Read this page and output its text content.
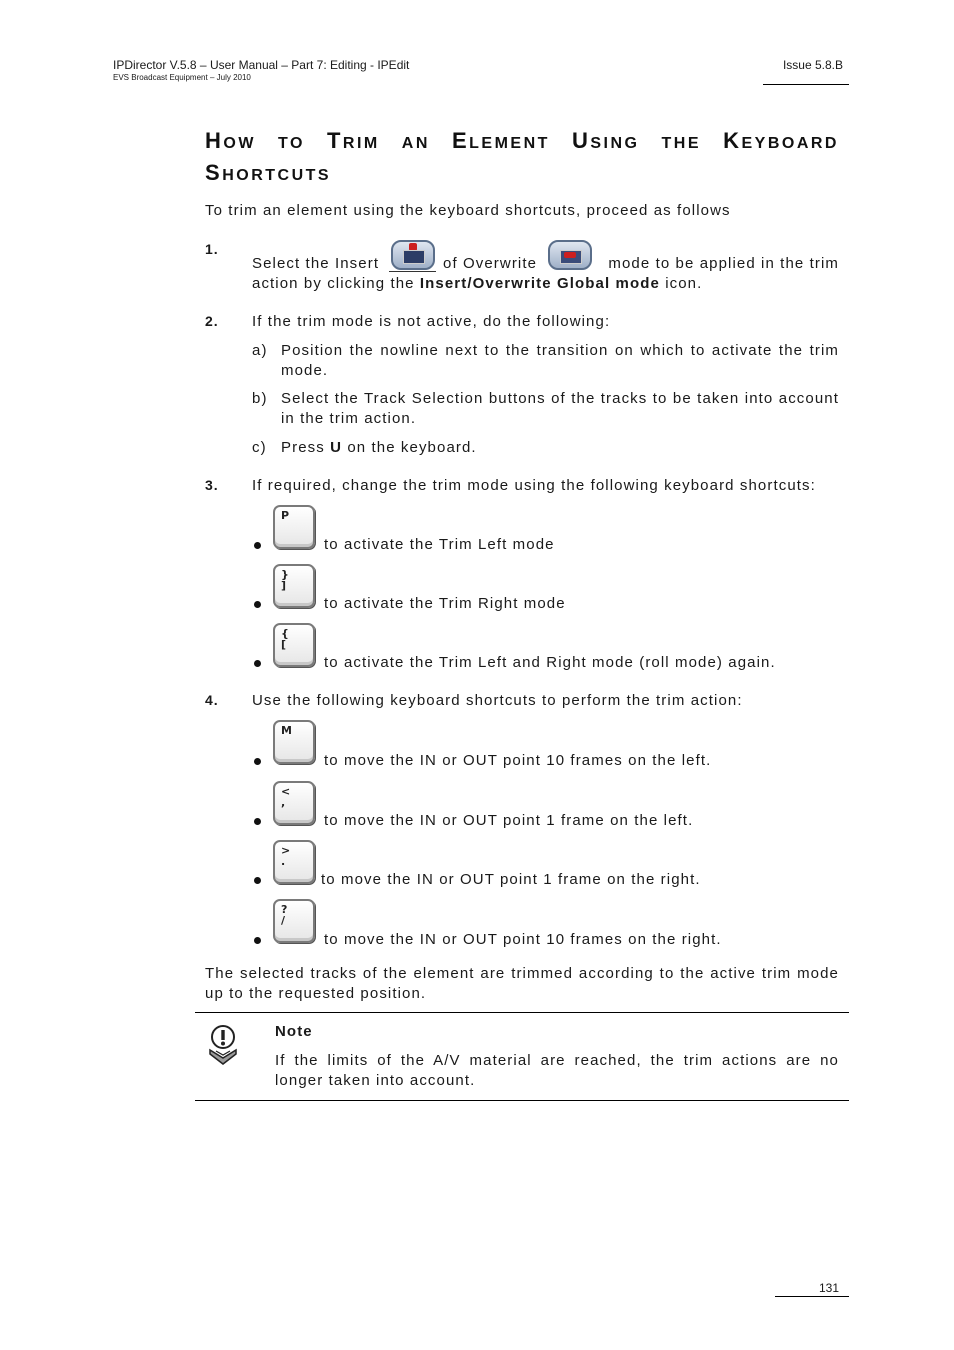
IPDirector V.5.8 – User Manual – Part 7: Editing - IPEdit
EVS Broadcast Equipment – July 2010
Issue 5.8.B
HOW TO TRIM AN ELEMENT USING THE KEYBOARD
SHORTCUTS
To trim an element using the keyboard shortcuts, proceed as follows
1.
Select the Insert	of Overwrite	mode to be applied in the trim
action by clicking the Insert/Overwrite Global mode icon.
2. If the trim mode is not active, do the following:
a) Position the nowline next to the transition on which to activate the trim mode.
b) Select the Track Selection buttons of the tracks to be taken into account in the trim action.
c) Press U on the keyboard.
3. If required, change the trim mode using the following keyboard shortcuts:
P
to activate the Trim Left mode
}
]
to activate the Trim Right mode
{
[
to activate the Trim Left and Right mode (roll mode) again.
4. Use the following keyboard shortcuts to perform the trim action:
M
to move the IN or OUT point 10 frames on the left.
<
,
to move the IN or OUT point 1 frame on the left.
>
.
to move the IN or OUT point 1 frame on the right.
?
/
to move the IN or OUT point 10 frames on the right.
The selected tracks of the element are trimmed according to the active trim mode up to the requested position.
Note
If the limits of the A/V material are reached, the trim actions are no longer taken into account.
131
